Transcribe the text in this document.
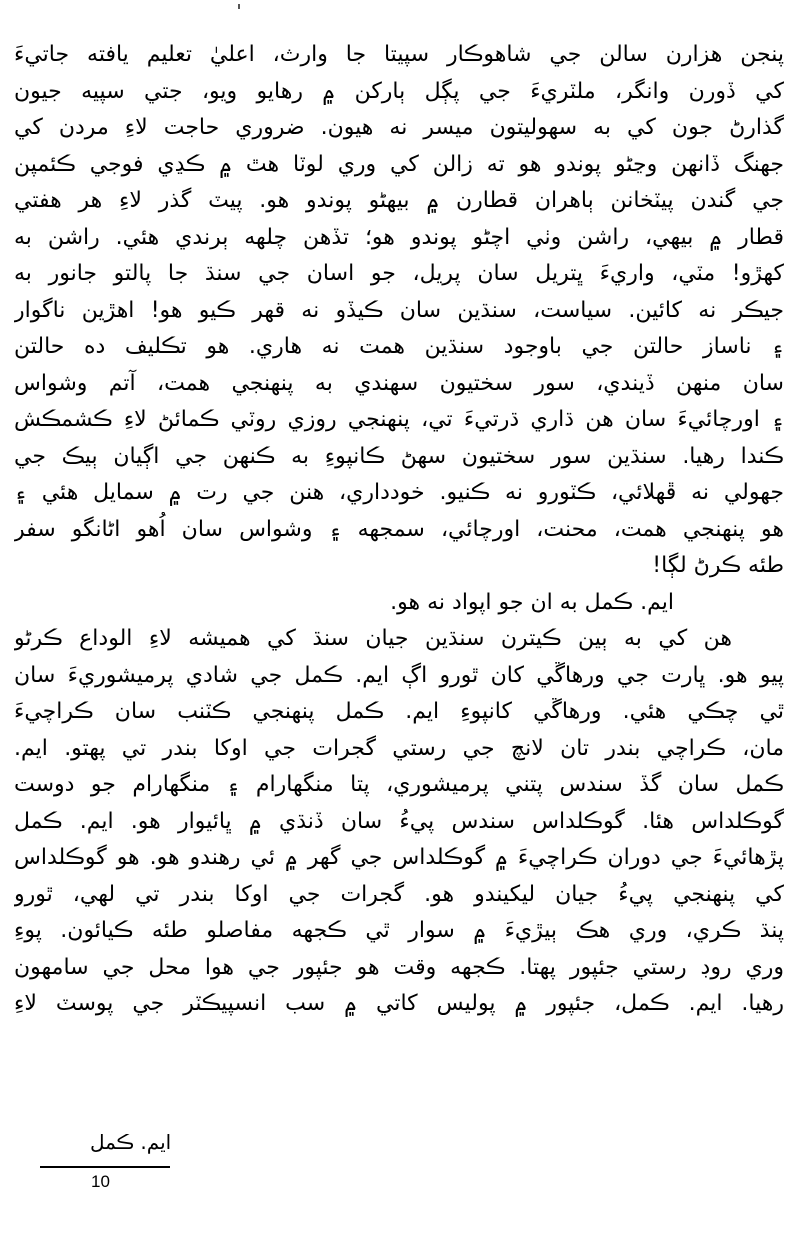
پنجن هزارن سالن جي شاهوڪار سپيتا جا وارث، اعليٰ تعليم يافته جاتيءَ
کي ڏورن وانگر، ملٽريءَ جي پڳل ٻارکن ۾ رهايو ويو، جتي سپيه جيون
گذارڻ جون کي به سهوليتون ميسر نه هيون. ضروري حاجت لاءِ مردن کي
جهنگ ڏانهن وڃڻو پوندو هو ته زالن کي وري لوٽا هٿ ۾ ڪڍي فوجي ڪئمپن
جي گندن پيٽخانن ٻاهران قطارن ۾ بيهڻو پوندو هو. پيٽ گذر لاءِ هر هفتي
قطار ۾ بيهي، راشن وٺي اچڻو پوندو هو؛ تڏهن چلهه ٻرندي هئي. راشن به
کهڙو! مٽي، واريءَ ڀتريل سان پريل، جو اسان جي سنڌ جا پالتو جانور به
جيڪر نه کائين. سياست، سنڌين سان ڪيڏو نه قهر ڪيو هو! اهڙين ناگوار
۽ ناساز حالتن جي باوجود سنڌين همت نه هاري. هو تڪليف ده حالتن
سان منهن ڏيندي، سور سختيون سهندي به پنهنجي همت، آتم وشواس
۽ اورچائيءَ سان هن ڌاري ڌرتيءَ تي، پنهنجي روزي روٽي ڪمائڻ لاءِ ڪشمڪش
ڪندا رهيا. سنڌين سور سختيون سهڻ ڪانپوءِ به ڪنهن جي اڳيان ٻيڪ جي
جهولي نه ڦهلائي، ڪٽورو نه ڪنيو. خودداري، هنن جي رت ۾ سمايل هئي ۽
هو پنهنجي همت، محنت، اورچائي، سمجهه ۽ وشواس سان اُهو اڻانگو سفر
طئه ڪرڻ لڳا!
ايم. ڪمل به ان جو اپواد نه هو.
هن کي به ٻين ڪيترن سنڌين جيان سنڌ کي هميشه لاءِ الوداع ڪرڻو
پيو هو. ڀارت جي ورهاڱي کان ٿورو اڳ ايم. ڪمل جي شادي پرميشوريءَ سان
ٿي چڪي هئي. ورهاڱي کانپوءِ ايم. ڪمل پنهنجي ڪٽنب سان ڪراچيءَ
مان، ڪراچي بندر تان لانچ جي رستي گجرات جي اوکا بندر تي پهتو. ايم.
ڪمل سان گڏ سندس پتني پرميشوري، پتا منگهارام ۽ منگهارام جو دوست
گوڪلداس هئا. گوڪلداس سندس پيءُ سان ڏنڌي ۾ ڀائيوار هو. ايم. ڪمل
پڙهائيءَ جي دوران ڪراچيءَ ۾ گوڪلداس جي گهر ۾ ئي رهندو هو. هو گوڪلداس
کي پنهنجي پيءُ جيان ليکيندو هو. گجرات جي اوکا بندر تي لهي، ٿورو
پنڌ ڪري، وري هڪ ٻيڙيءَ ۾ سوار ٿي ڪجهه مفاصلو طئه ڪيائون. پوءِ
وري روڊ رستي جئپور پهتا. ڪجهه وقت هو جئپور جي هوا محل جي سامهون
رهيا. ايم. ڪمل، جئپور ۾ پوليس کاتي ۾ سب انسپيڪٽر جي پوسٽ لاءِ
ايم. ڪمل
10
